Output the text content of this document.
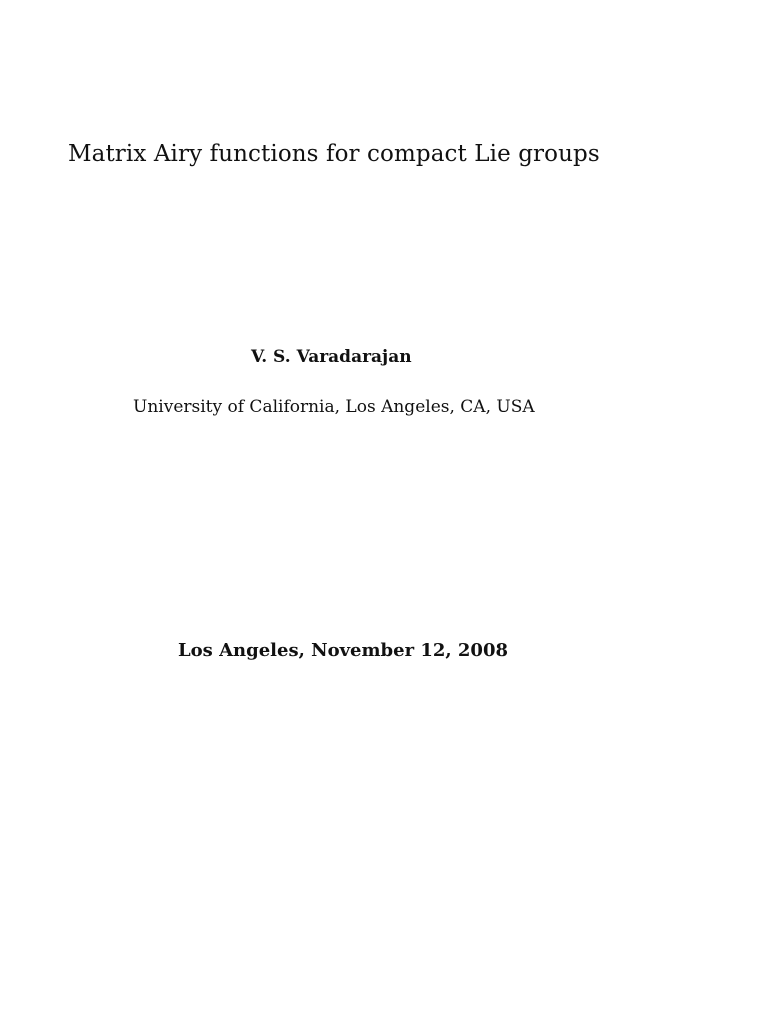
Matrix Airy functions for compact Lie groups
V. S. Varadarajan
University of California, Los Angeles, CA, USA
Los Angeles, November 12, 2008
